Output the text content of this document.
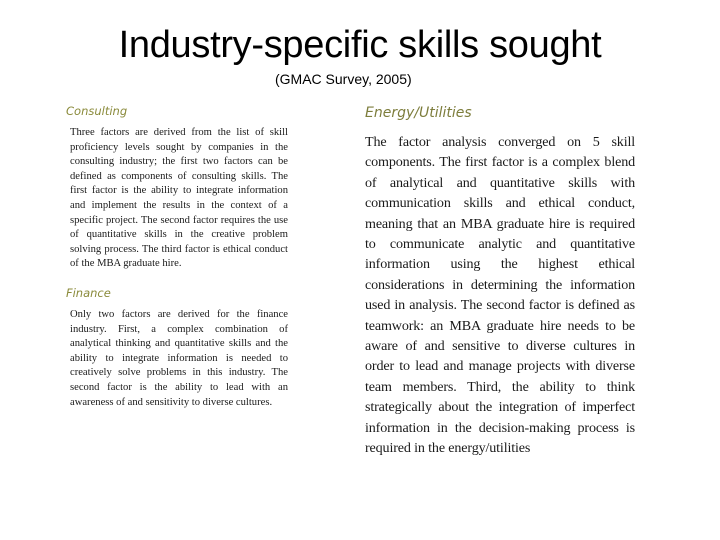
Industry-specific skills sought
(GMAC Survey, 2005)
Consulting

Three factors are derived from the list of skill proficiency levels sought by companies in the consulting industry; the first two factors can be defined as components of consulting skills. The first factor is the ability to integrate information and implement the results in the context of a specific project. The second factor requires the use of quantitative skills in the creative problem solving process. The third factor is ethical conduct of the MBA graduate hire.

Finance

Only two factors are derived for the finance industry. First, a complex combination of analytical thinking and quantitative skills and the ability to integrate information is needed to creatively solve problems in this industry. The second factor is the ability to lead with an awareness of and sensitivity to diverse cultures.

Energy/Utilities

The factor analysis converged on 5 skill components. The first factor is a complex blend of analytical and quantitative skills with communication skills and ethical conduct, meaning that an MBA graduate hire is required to communicate analytic and quantitative information using the highest ethical considerations in determining the information used in analysis. The second factor is defined as teamwork: an MBA graduate hire needs to be aware of and sensitive to diverse cultures in order to lead and manage projects with diverse team members. Third, the ability to think strategically about the integration of imperfect information in the decision-making process is required in the energy/utilities
